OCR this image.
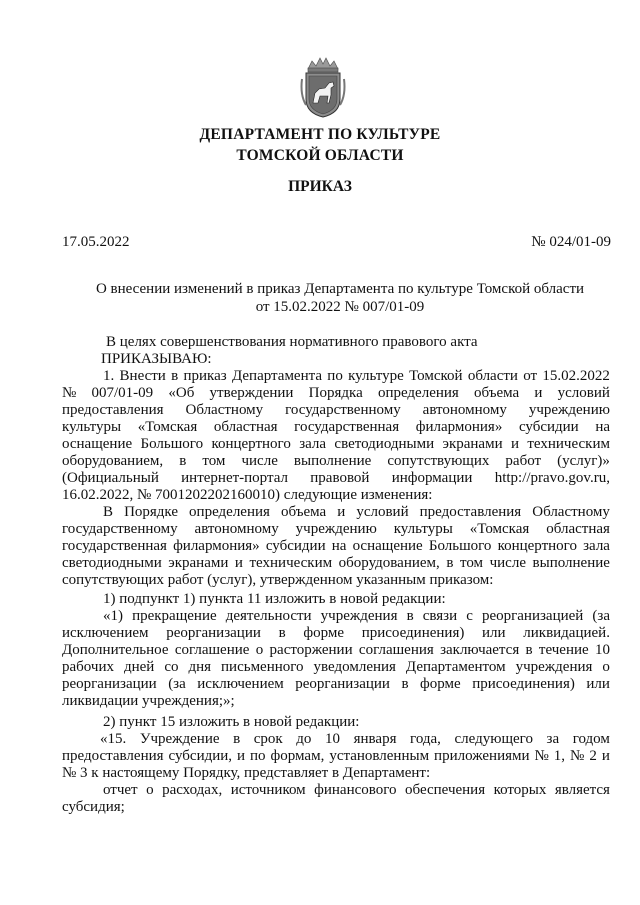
ДЕПАРТАМЕНТ ПО КУЛЬТУРЕ
ТОМСКОЙ ОБЛАСТИ
ПРИКАЗ
17.05.2022	№ 024/01-09
О внесении изменений в приказ Департамента по культуре Томской области
от 15.02.2022 № 007/01-09
В целях совершенствования нормативного правового акта
ПРИКАЗЫВАЮ:
1. Внести в приказ Департамента по культуре Томской области от 15.02.2022
№ 007/01-09 «Об утверждении Порядка определения объема и условий
предоставления Областному государственному автономному учреждению
культуры «Томская областная государственная филармония» субсидии на
оснащение Большого концертного зала светодиодными экранами и техническим
оборудованием, в том числе выполнение сопутствующих работ (услуг)»
(Официальный интернет-портал правовой информации http://pravo.gov.ru,
16.02.2022, № 7001202202160010) следующие изменения:
В Порядке определения объема и условий предоставления Областному
государственному автономному учреждению культуры «Томская областная
государственная филармония» субсидии на оснащение Большого концертного зала
светодиодными экранами и техническим оборудованием, в том числе выполнение
сопутствующих работ (услуг), утвержденном указанным приказом:
1) подпункт 1) пункта 11 изложить в новой редакции:
«1) прекращение деятельности учреждения в связи с реорганизацией (за
исключением реорганизации в форме присоединения) или ликвидацией.
Дополнительное соглашение о расторжении соглашения заключается в течение 10
рабочих дней со дня письменного уведомления Департаментом учреждения о
реорганизации (за исключением реорганизации в форме присоединения) или
ликвидации учреждения;»;
2) пункт 15 изложить в новой редакции:
«15. Учреждение в срок до 10 января года, следующего за годом
предоставления субсидии, и по формам, установленным приложениями № 1, № 2 и
№ 3 к настоящему Порядку, представляет в Департамент:
отчет о расходах, источником финансового обеспечения которых является
субсидия;
